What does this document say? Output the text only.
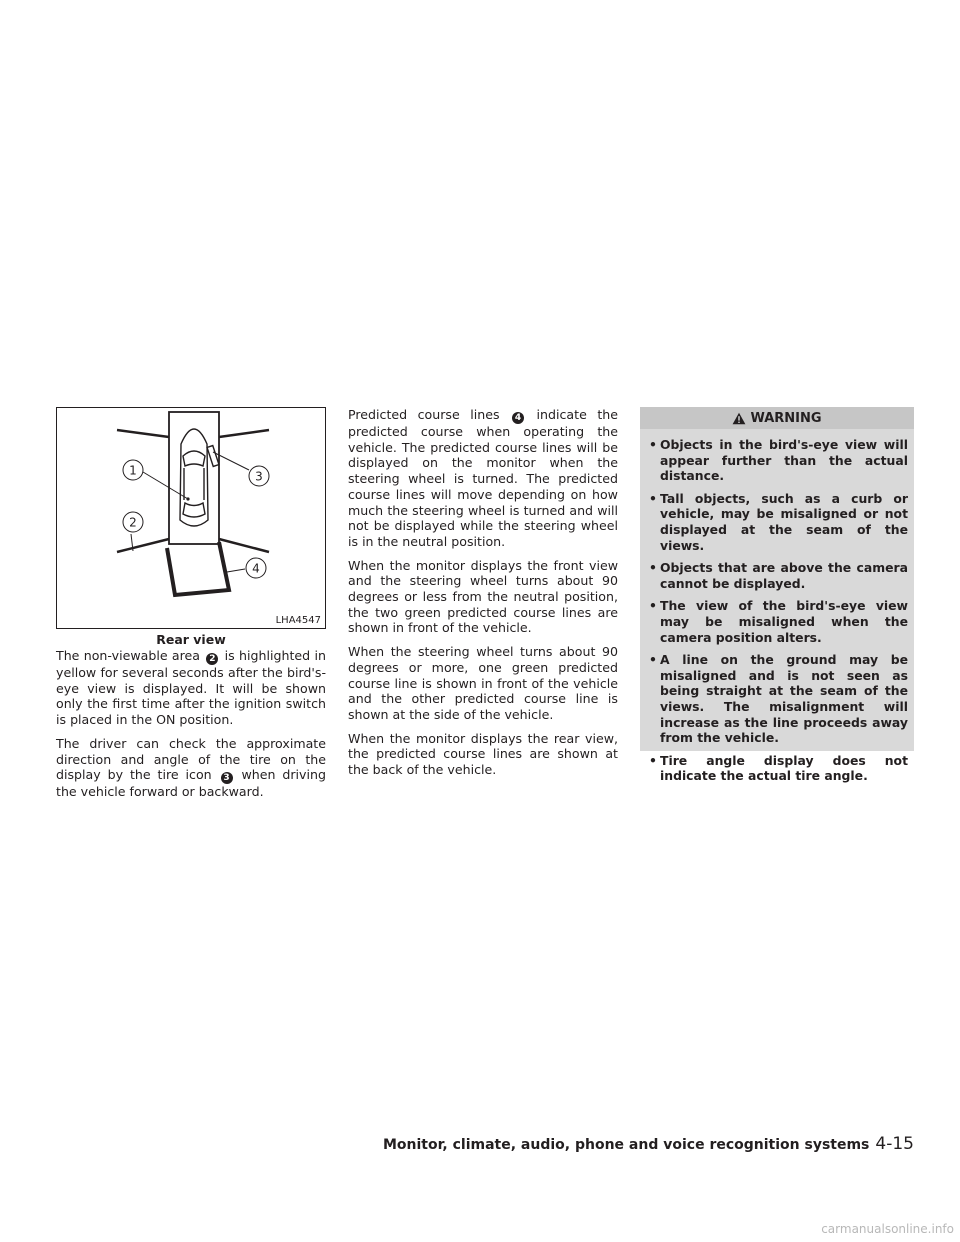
1
2
3
4
LHA4547
Rear view

The non-viewable area 2 is highlighted in yellow for several seconds after the bird's-eye view is displayed. It will be shown only the first time after the ignition switch is placed in the ON position.

The driver can check the approximate direction and angle of the tire on the display by the tire icon 3 when driving the vehicle forward or backward.

Predicted course lines 4 indicate the predicted course when operating the vehicle. The predicted course lines will be displayed on the monitor when the steering wheel is turned. The predicted course lines will move depending on how much the steering wheel is turned and will not be displayed while the steering wheel is in the neutral position.

When the monitor displays the front view and the steering wheel turns about 90 degrees or less from the neutral position, the two green predicted course lines are shown in front of the vehicle.

When the steering wheel turns about 90 degrees or more, one green predicted course line is shown in front of the vehicle and the other predicted course line is shown at the side of the vehicle.

When the monitor displays the rear view, the predicted course lines are shown at the back of the vehicle.

WARNING
• Objects in the bird's-eye view will appear further than the actual distance.
• Tall objects, such as a curb or vehicle, may be misaligned or not displayed at the seam of the views.
• Objects that are above the camera cannot be displayed.
• The view of the bird's-eye view may be misaligned when the camera position alters.
• A line on the ground may be misaligned and is not seen as being straight at the seam of the views. The misalignment will increase as the line proceeds away from the vehicle.
• Tire angle display does not indicate the actual tire angle.
Monitor, climate, audio, phone and voice recognition systems 4-15
carmanualsonline.info
